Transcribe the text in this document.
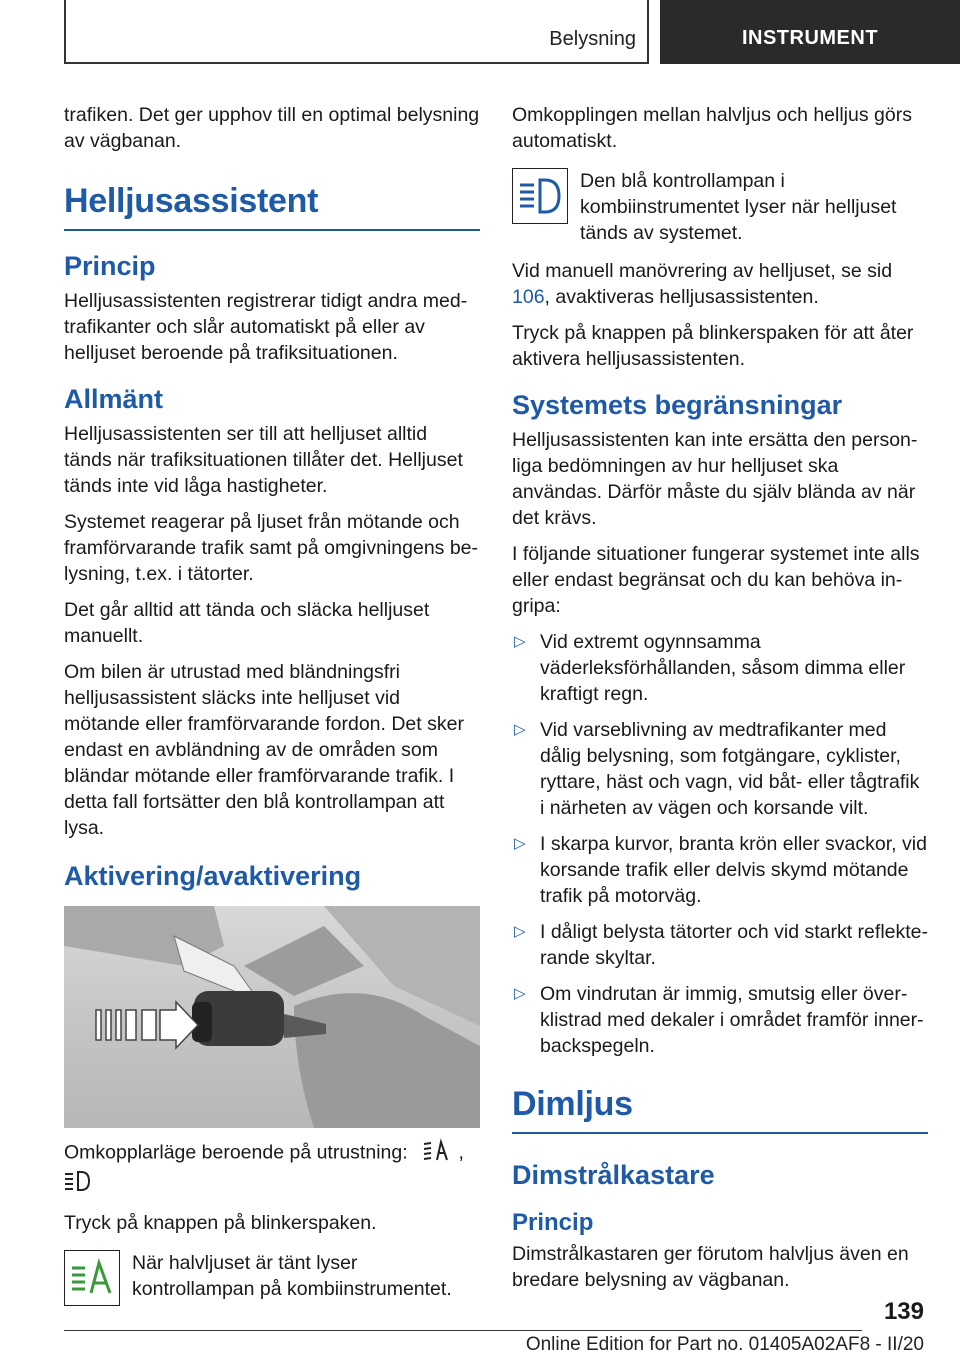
Belysning	INSTRUMENT

trafiken. Det ger upphov till en optimal belysning av vägbanan.

Helljusassistent
Princip

Helljusassistenten registrerar tidigt andra medtrafikanter och slår automatiskt på eller av helljuset beroende på trafiksituationen.

Allmänt

Helljusassistenten ser till att helljuset alltid tänds när trafiksituationen tillåter det. Helljuset tänds inte vid låga hastigheter.

Systemet reagerar på ljuset från mötande och framförvarande trafik samt på omgivningens belysning, t.ex. i tätorter.

Det går alltid att tända och släcka helljuset manuellt.

Om bilen är utrustad med bländningsfri helljusassistent släcks inte helljuset vid mötande eller framförvarande fordon. Det sker endast en avbländning av de områden som bländar mötande eller framförvarande trafik. I detta fall fortsätter den blå kontrollampan att lysa.

Aktivering/avaktivering

Omkopplarläge beroende på utrustning:	,

Tryck på knappen på blinkerspaken.

När halvljuset är tänt lyser kontrollampan på kombiinstrumentet.

Omkopplingen mellan halvljus och helljus görs automatiskt.

Den blå kontrollampan i kombiinstrumentet lyser när helljuset tänds av systemet.

Vid manuell manövrering av helljuset, se sid 106, avaktiveras helljusassistenten.

Tryck på knappen på blinkerspaken för att åter aktivera helljusassistenten.

Systemets begränsningar

Helljusassistenten kan inte ersätta den personliga bedömningen av hur helljuset ska användas. Därför måste du själv blända av när det krävs.

I följande situationer fungerar systemet inte alls eller endast begränsat och du kan behöva ingripa:

▷ Vid extremt ogynnsamma väderleksförhållanden, såsom dimma eller kraftigt regn.
▷ Vid varseblivning av medtrafikanter med dålig belysning, som fotgängare, cyklister, ryttare, häst och vagn, vid båt- eller tågtrafik i närheten av vägen och korsande vilt.
▷ I skarpa kurvor, branta krön eller svackor, vid korsande trafik eller delvis skymd mötande trafik på motorväg.
▷ I dåligt belysta tätorter och vid starkt reflekterande skyltar.
▷ Om vindrutan är immig, smutsig eller överklistrad med dekaler i området framför innerbackspegeln.
Dimljus
Dimstrålkastare
Princip

Dimstrålkastaren ger förutom halvljus även en bredare belysning av vägbanan.

139
Online Edition for Part no. 01405A02AF8 - II/20
